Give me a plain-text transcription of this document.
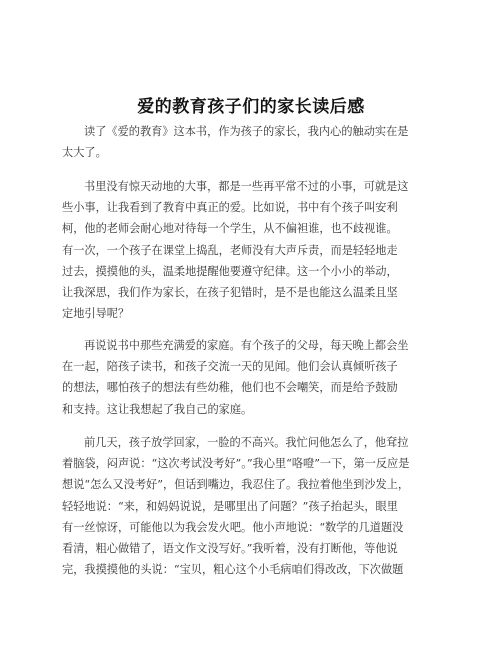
爱的教育孩子们的家长读后感
读了《爱的教育》这本书，作为孩子的家长，我内心的触动实在是
太大了。
书里没有惊天动地的大事，都是一些再平常不过的小事，可就是这
些小事，让我看到了教育中真正的爱。比如说，书中有个孩子叫安利
柯，他的老师会耐心地对待每一个学生，从不偏袒谁，也不歧视谁。
有一次，一个孩子在课堂上捣乱，老师没有大声斥责，而是轻轻地走
过去，摸摸他的头，温柔地提醒他要遵守纪律。这一个小小的举动，
让我深思，我们作为家长，在孩子犯错时，是不是也能这么温柔且坚
定地引导呢？
再说说书中那些充满爱的家庭。有个孩子的父母，每天晚上都会坐
在一起，陪孩子读书，和孩子交流一天的见闻。他们会认真倾听孩子
的想法，哪怕孩子的想法有些幼稚，他们也不会嘲笑，而是给予鼓励
和支持。这让我想起了我自己的家庭。
前几天，孩子放学回家，一脸的不高兴。我忙问他怎么了，他耷拉
着脑袋，闷声说：“这次考试没考好”。”我心里“咯噔”一下，第一反应是
想说“怎么又没考好”，但话到嘴边，我忍住了。我拉着他坐到沙发上，
轻轻地说：“来，和妈妈说说，是哪里出了问题？”孩子抬起头，眼里
有一丝惊讶，可能他以为我会发火吧。他小声地说：“数学的几道题没
看清，粗心做错了，语文作文没写好。”我听着，没有打断他，等他说
完，我摸摸他的头说：“宝贝，粗心这个小毛病咱们得改改，下次做题
